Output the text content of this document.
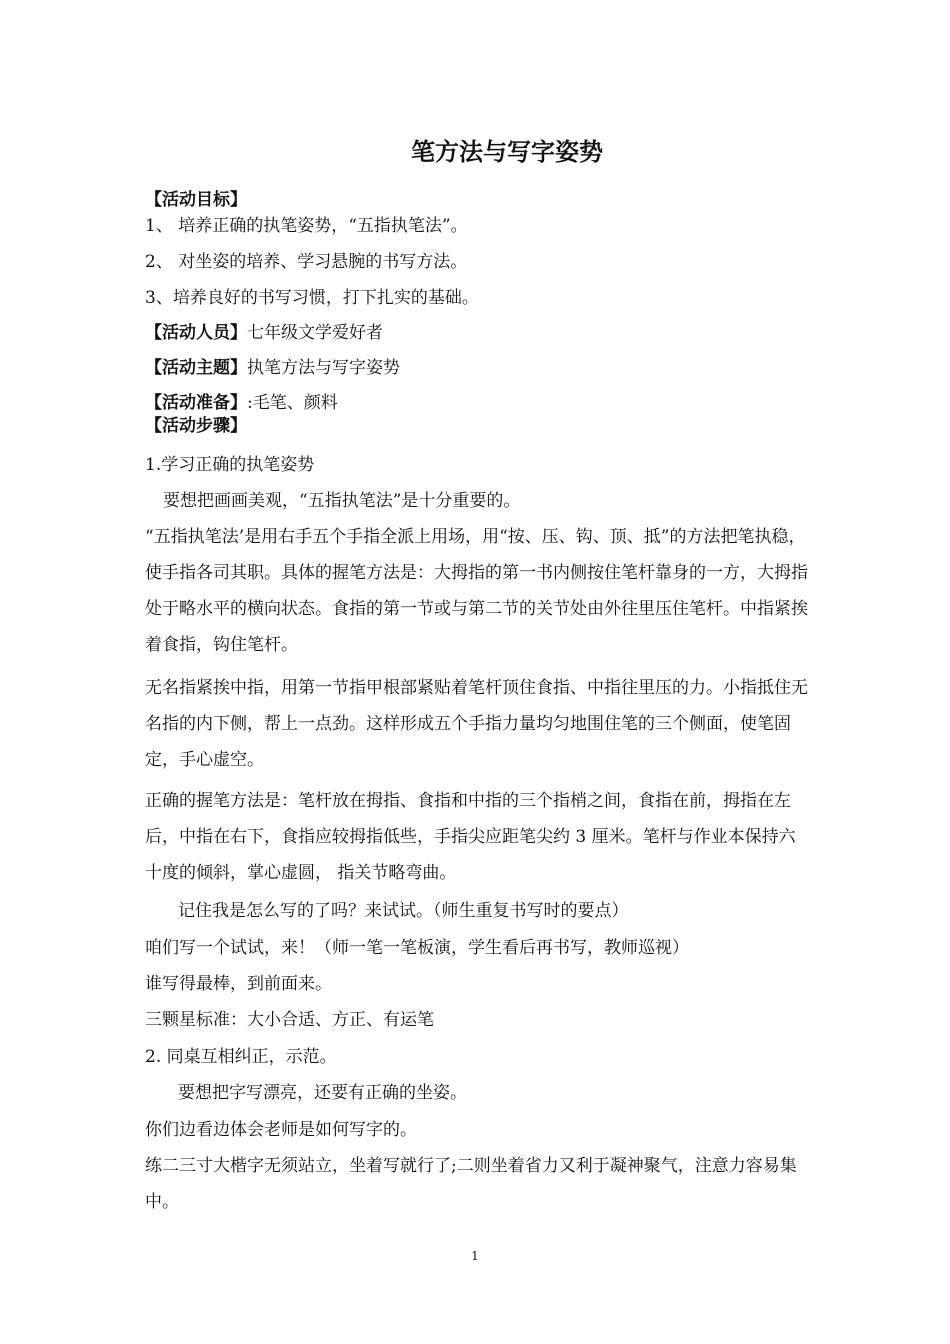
笔方法与写字姿势
【活动目标】
1、 培养正确的执笔姿势，“五指执笔法”。
2、 对坐姿的培养、学习悬腕的书写方法。
3、培养良好的书写习惯，打下扎实的基础。
【活动人员】七年级文学爱好者
【活动主题】执笔方法与写字姿势
【活动准备】:毛笔、颜料
【活动步骤】
1.学习正确的执笔姿势
要想把画画美观，“五指执笔法”是十分重要的。
“五指执笔法’是用右手五个手指全派上用场，用“按、压、钩、顶、抵”的方法把笔执稳，使手指各司其职。具体的握笔方法是：大拇指的第一书内侧按住笔杆靠身的一方，大拇指处于略水平的横向状态。食指的第一节或与第二节的关节处由外往里压住笔杆。中指紧挨着食指，钩住笔杆。
无名指紧挨中指，用第一节指甲根部紧贴着笔杆顶住食指、中指往里压的力。小指抵住无名指的内下侧，帮上一点劲。这样形成五个手指力量均匀地围住笔的三个侧面，使笔固定，手心虚空。
正确的握笔方法是：笔杆放在拇指、食指和中指的三个指梢之间，食指在前，拇指在左后，中指在右下，食指应较拇指低些，手指尖应距笔尖约 3 厘米。笔杆与作业本保持六十度的倾斜，掌心虚圆， 指关节略弯曲。
记住我是怎么写的了吗？来试试。（师生重复书写时的要点）
咱们写一个试试，来！（师一笔一笔板演，学生看后再书写，教师巡视）
谁写得最棒，到前面来。
三颗星标准：大小合适、方正、有运笔
2. 同桌互相纠正，示范。
要想把字写漂亮，还要有正确的坐姿。
你们边看边体会老师是如何写字的。
练二三寸大楷字无须站立，坐着写就行了;二则坐着省力又利于凝神聚气，注意力容易集中。
1
